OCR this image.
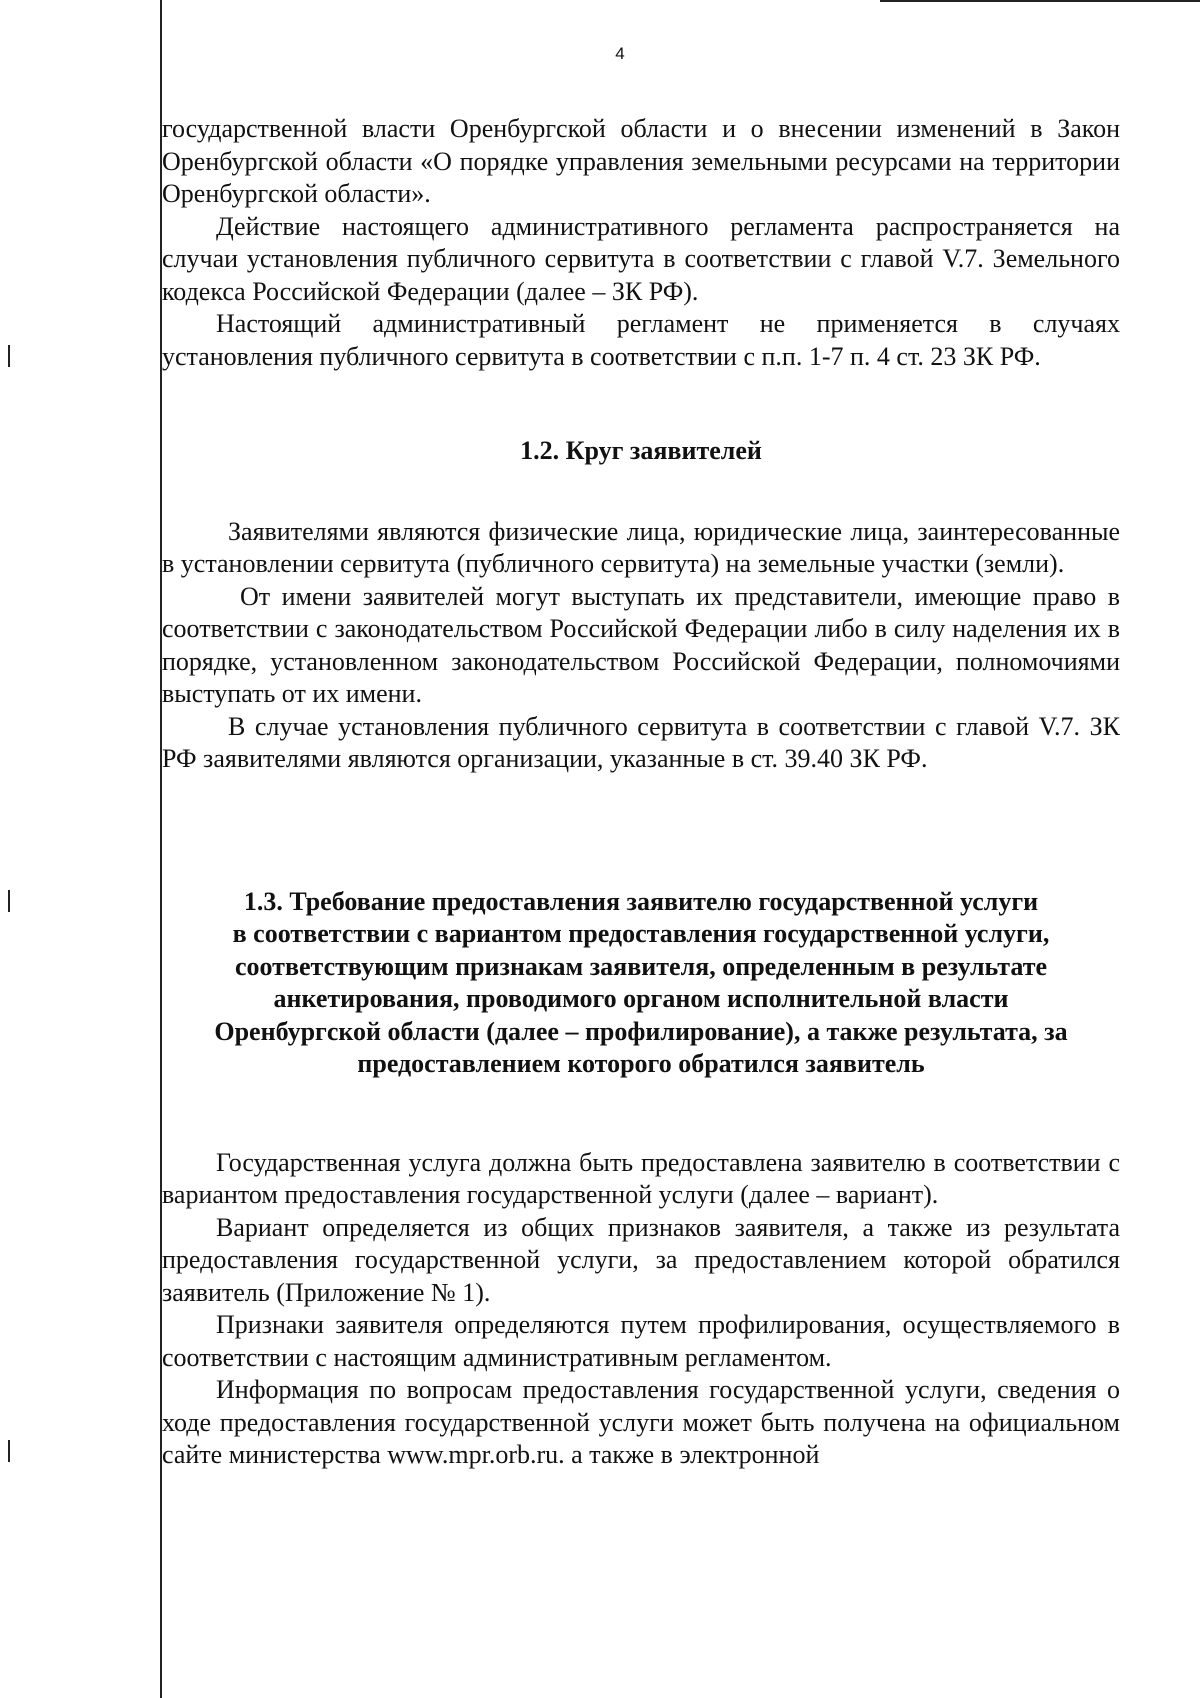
4

государственной власти Оренбургской области и о внесении изменений в Закон Оренбургской области «О порядке управления земельными ресурсами на территории Оренбургской области».

Действие настоящего административного регламента распространяется на случаи установления публичного сервитута в соответствии с главой V.7. Земельного кодекса Российской Федерации (далее – ЗК РФ).

Настоящий административный регламент не применяется в случаях установления публичного сервитута в соответствии с п.п. 1-7 п. 4 ст. 23 ЗК РФ.

1.2. Круг заявителей

Заявителями являются физические лица, юридические лица, заинтересованные в установлении сервитута (публичного сервитута) на земельные участки (земли).

От имени заявителей могут выступать их представители, имеющие право в соответствии с законодательством Российской Федерации либо в силу наделения их в порядке, установленном законодательством Российской Федерации, полномочиями выступать от их имени.

В случае установления публичного сервитута в соответствии с главой V.7. ЗК РФ заявителями являются организации, указанные в ст. 39.40 ЗК РФ.

1.3. Требование предоставления заявителю государственной услуги

в соответствии с вариантом предоставления государственной услуги,

соответствующим признакам заявителя, определенным в результате

анкетирования, проводимого органом исполнительной власти

Оренбургской области (далее – профилирование), а также результата, за

предоставлением которого обратился заявитель

Государственная услуга должна быть предоставлена заявителю в соответствии с вариантом предоставления государственной услуги (далее – вариант).

Вариант определяется из общих признаков заявителя, а также из результата предоставления государственной услуги, за предоставлением которой обратился заявитель (Приложение № 1).

Признаки заявителя определяются путем профилирования, осуществляемого в соответствии с настоящим административным регламентом.

Информация по вопросам предоставления государственной услуги, сведения о ходе предоставления государственной услуги может быть получена на официальном сайте министерства www.mpr.orb.ru. а также в электронной
